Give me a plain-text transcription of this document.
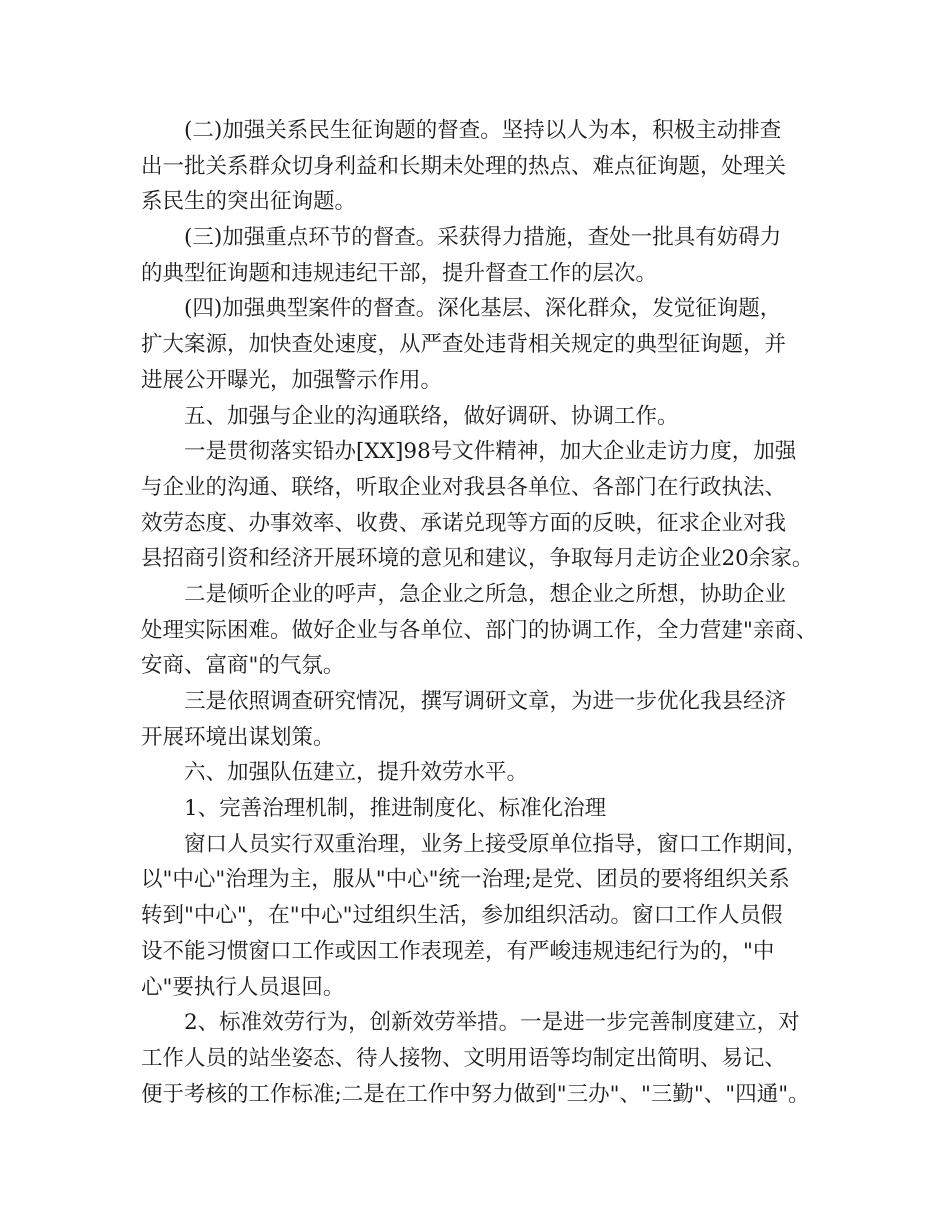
(二)加强关系民生征询题的督查。坚持以人为本，积极主动排查
出一批关系群众切身利益和长期未处理的热点、难点征询题，处理关
系民生的突出征询题。
(三)加强重点环节的督查。采获得力措施，查处一批具有妨碍力
的典型征询题和违规违纪干部，提升督查工作的层次。
(四)加强典型案件的督查。深化基层、深化群众，发觉征询题，
扩大案源，加快查处速度，从严查处违背相关规定的典型征询题，并
进展公开曝光，加强警示作用。
五、加强与企业的沟通联络，做好调研、协调工作。
一是贯彻落实铅办[XX]98号文件精神，加大企业走访力度，加强
与企业的沟通、联络，听取企业对我县各单位、各部门在行政执法、
效劳态度、办事效率、收费、承诺兑现等方面的反映，征求企业对我
县招商引资和经济开展环境的意见和建议，争取每月走访企业20余家。
二是倾听企业的呼声，急企业之所急，想企业之所想，协助企业
处理实际困难。做好企业与各单位、部门的协调工作，全力营建"亲商、
安商、富商"的气氛。
三是依照调查研究情况，撰写调研文章，为进一步优化我县经济
开展环境出谋划策。
六、加强队伍建立，提升效劳水平。
1、完善治理机制，推进制度化、标准化治理
窗口人员实行双重治理，业务上接受原单位指导，窗口工作期间，
以"中心"治理为主，服从"中心"统一治理;是党、团员的要将组织关系
转到"中心"，在"中心"过组织生活，参加组织活动。窗口工作人员假
设不能习惯窗口工作或因工作表现差，有严峻违规违纪行为的，"中
心"要执行人员退回。
2、标准效劳行为，创新效劳举措。一是进一步完善制度建立，对
工作人员的站坐姿态、待人接物、文明用语等均制定出简明、易记、
便于考核的工作标准;二是在工作中努力做到"三办"、"三勤"、"四通"。
